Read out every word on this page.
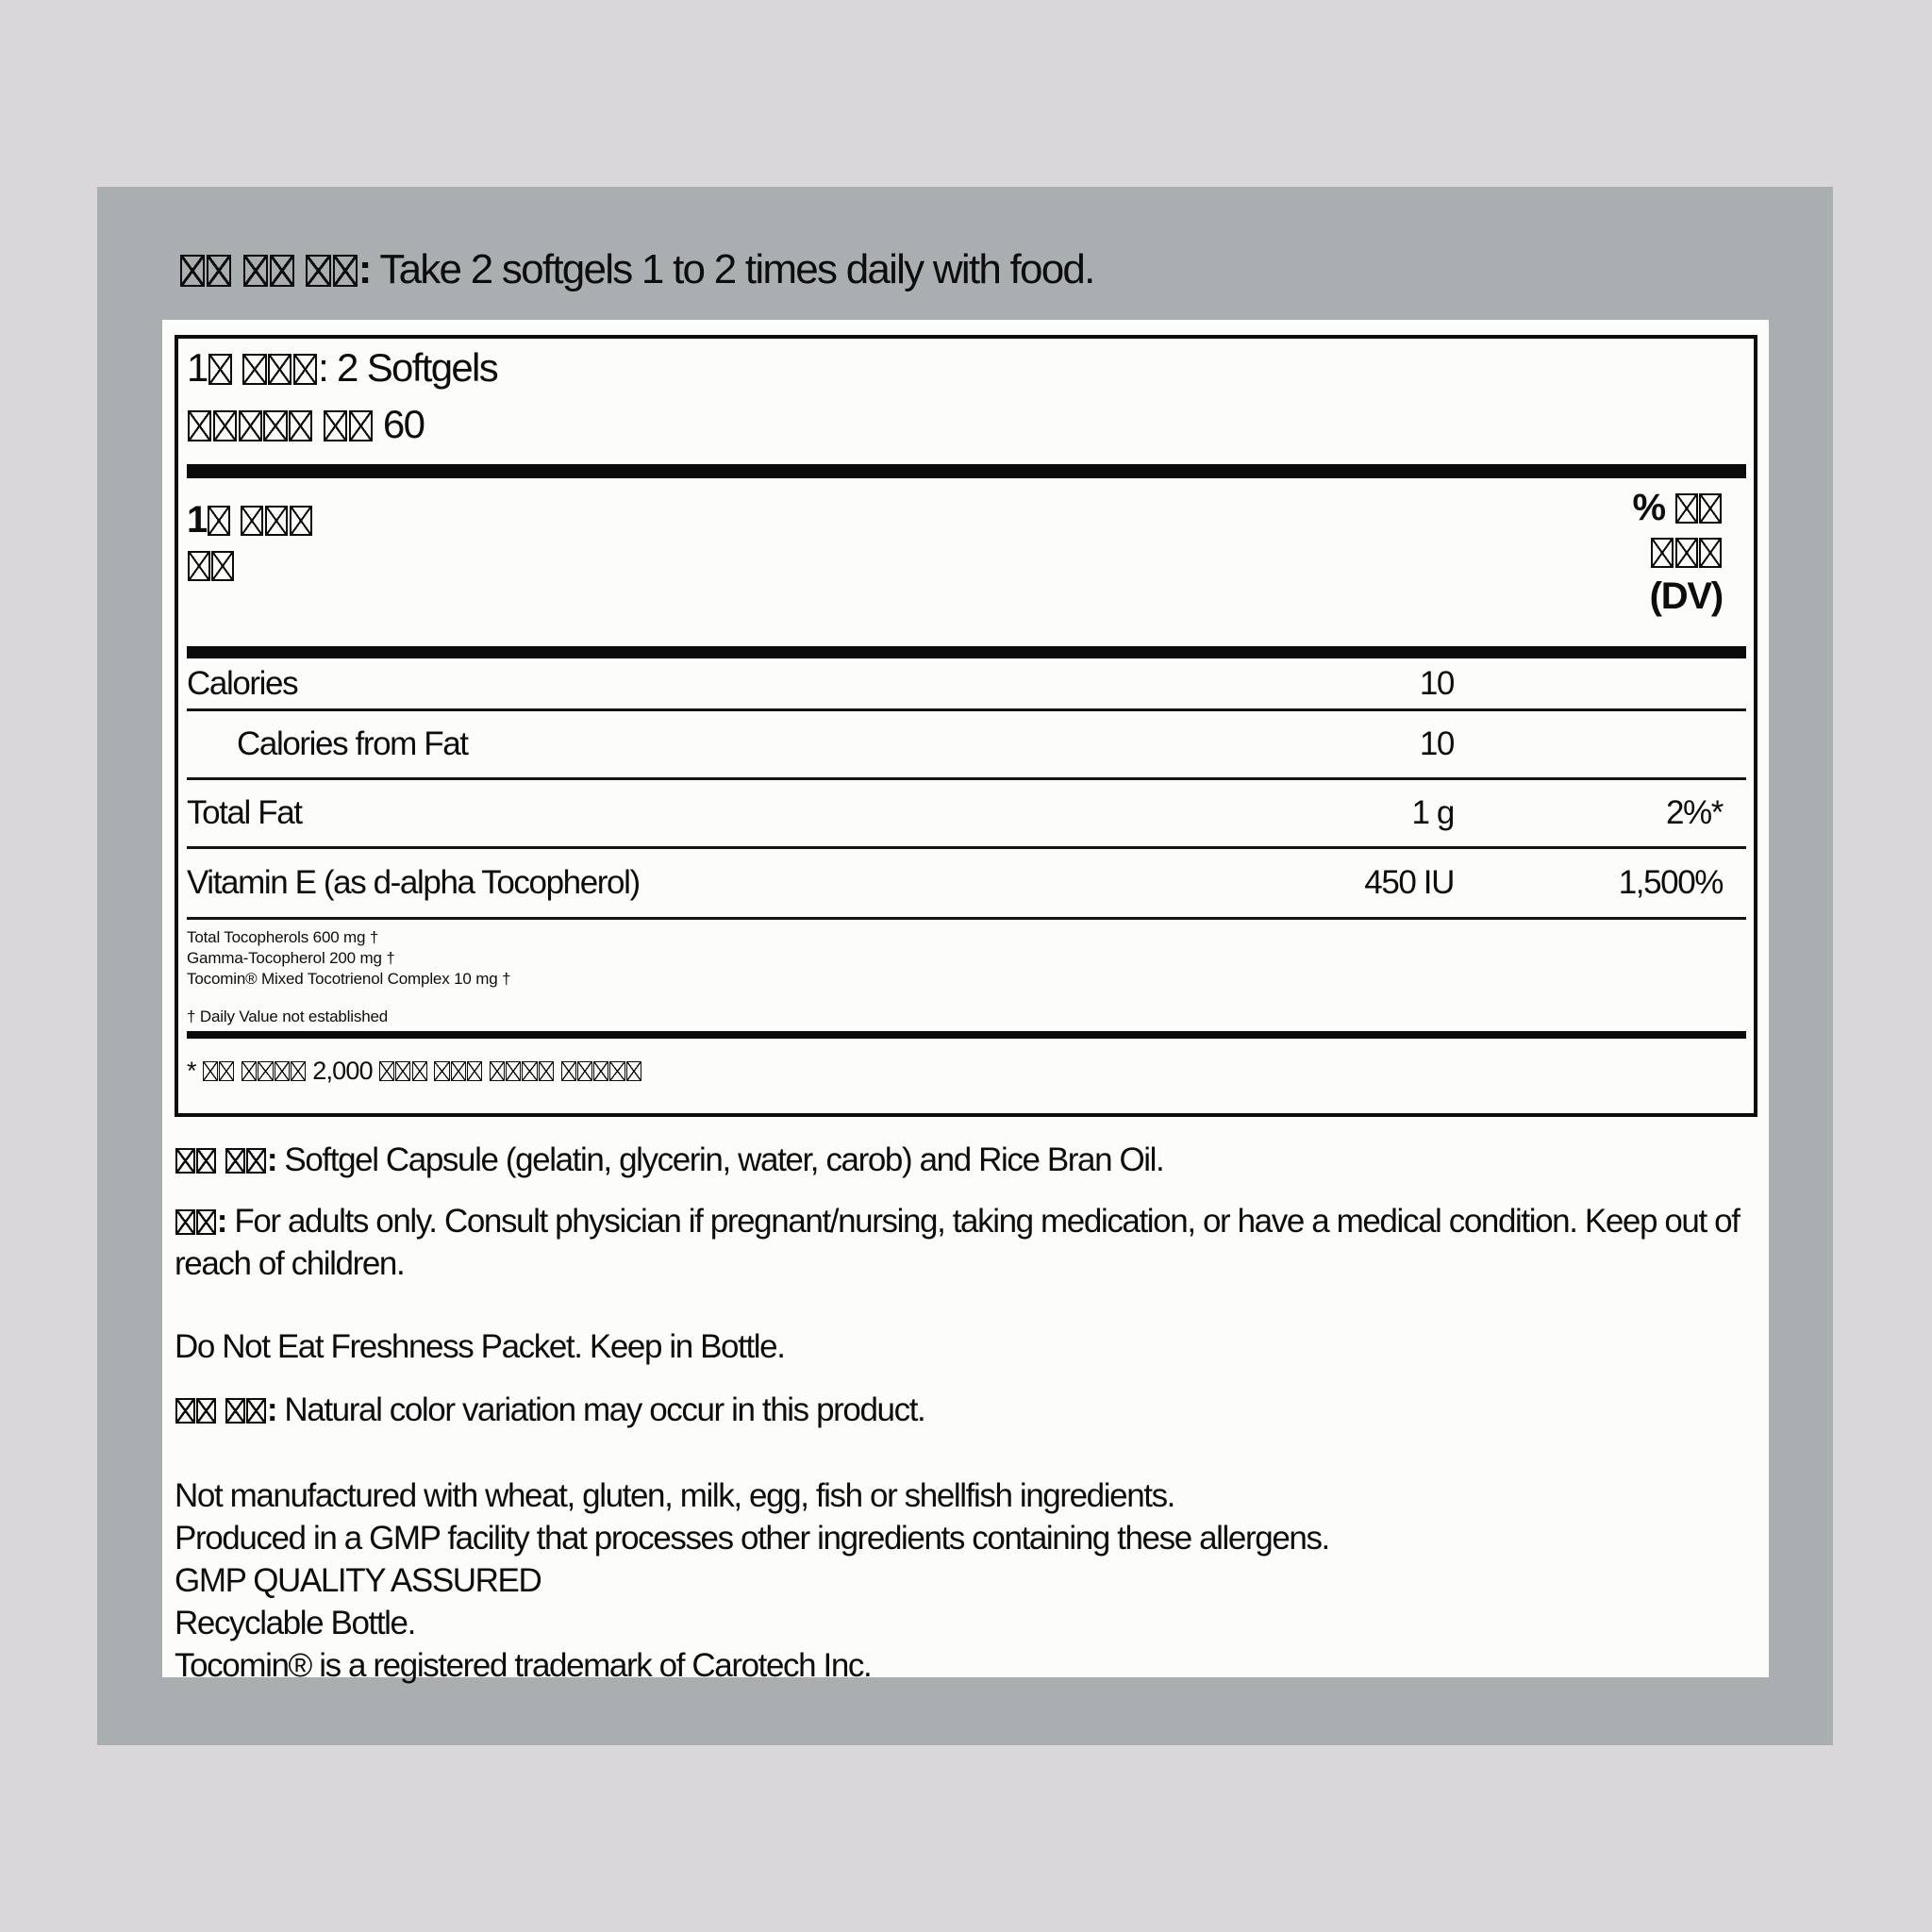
: Take 2 softgels 1 to 2 times daily with food.
1	: 2 Softgels
60
1	%
(DV)
Calories	10
Calories from Fat	10
Total Fat	1 g	2%*
Vitamin E (as d-alpha Tocopherol)	450 IU	1,500%
Total Tocopherols 600 mg †
Gamma-Tocopherol 200 mg †
Tocomin® Mixed Tocotrienol Complex 10 mg †
† Daily Value not established
*	2,000

: Softgel Capsule (gelatin, glycerin, water, carob) and Rice Bran Oil.

: For adults only. Consult physician if pregnant/nursing, taking medication, or have a medical condition. Keep out of reach of children.

Do Not Eat Freshness Packet. Keep in Bottle.

: Natural color variation may occur in this product.

Not manufactured with wheat, gluten, milk, egg, fish or shellfish ingredients.
Produced in a GMP facility that processes other ingredients containing these allergens.
GMP QUALITY ASSURED
Recyclable Bottle.
Tocomin® is a registered trademark of Carotech Inc.
